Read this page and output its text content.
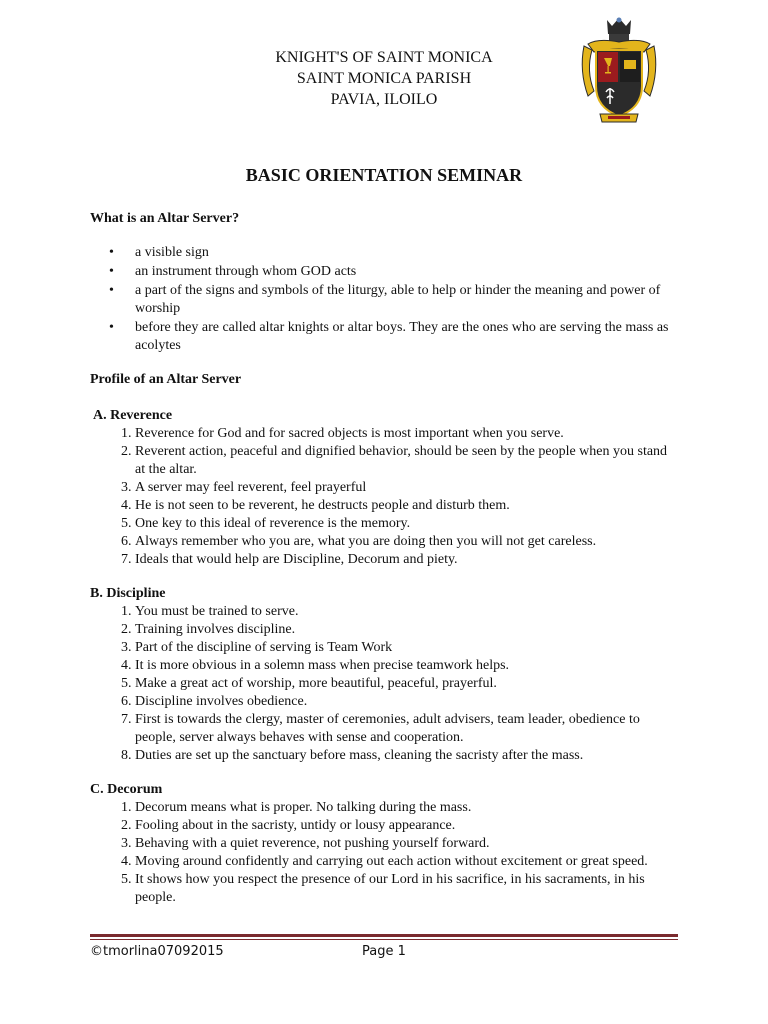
KNIGHT'S OF SAINT MONICA
SAINT MONICA PARISH
PAVIA, ILOILO
BASIC ORIENTATION SEMINAR
What is an Altar Server?
• a visible sign
• an instrument through whom GOD acts
• a part of the signs and symbols of the liturgy, able to help or hinder the meaning and power of worship
• before they are called altar knights or altar boys. They are the ones who are serving the mass as acolytes
Profile of an Altar Server
A. Reverence
1. Reverence for God and for sacred objects is most important when you serve.
2. Reverent action, peaceful and dignified behavior, should be seen by the people when you stand at the altar.
3. A server may feel reverent, feel prayerful
4. He is not seen to be reverent, he destructs people and disturb them.
5. One key to this ideal of reverence is the memory.
6. Always remember who you are, what you are doing then you will not get careless.
7. Ideals that would help are Discipline, Decorum and piety.
B. Discipline
1. You must be trained to serve.
2. Training involves discipline.
3. Part of the discipline of serving is Team Work
4. It is more obvious in a solemn mass when precise teamwork helps.
5. Make a great act of worship, more beautiful, peaceful, prayerful.
6. Discipline involves obedience.
7. First is towards the clergy, master of ceremonies, adult advisers, team leader, obedience to people, server always behaves with sense and cooperation.
8. Duties are set up the sanctuary before mass, cleaning the sacristy after the mass.
C. Decorum
1. Decorum means what is proper. No talking during the mass.
2. Fooling about in the sacristy, untidy or lousy appearance.
3. Behaving with a quiet reverence, not pushing yourself forward.
4. Moving around confidently and carrying out each action without excitement or great speed.
5. It shows how you respect the presence of our Lord in his sacrifice, in his sacraments, in his people.
©tmorlina07092015	Page 1
